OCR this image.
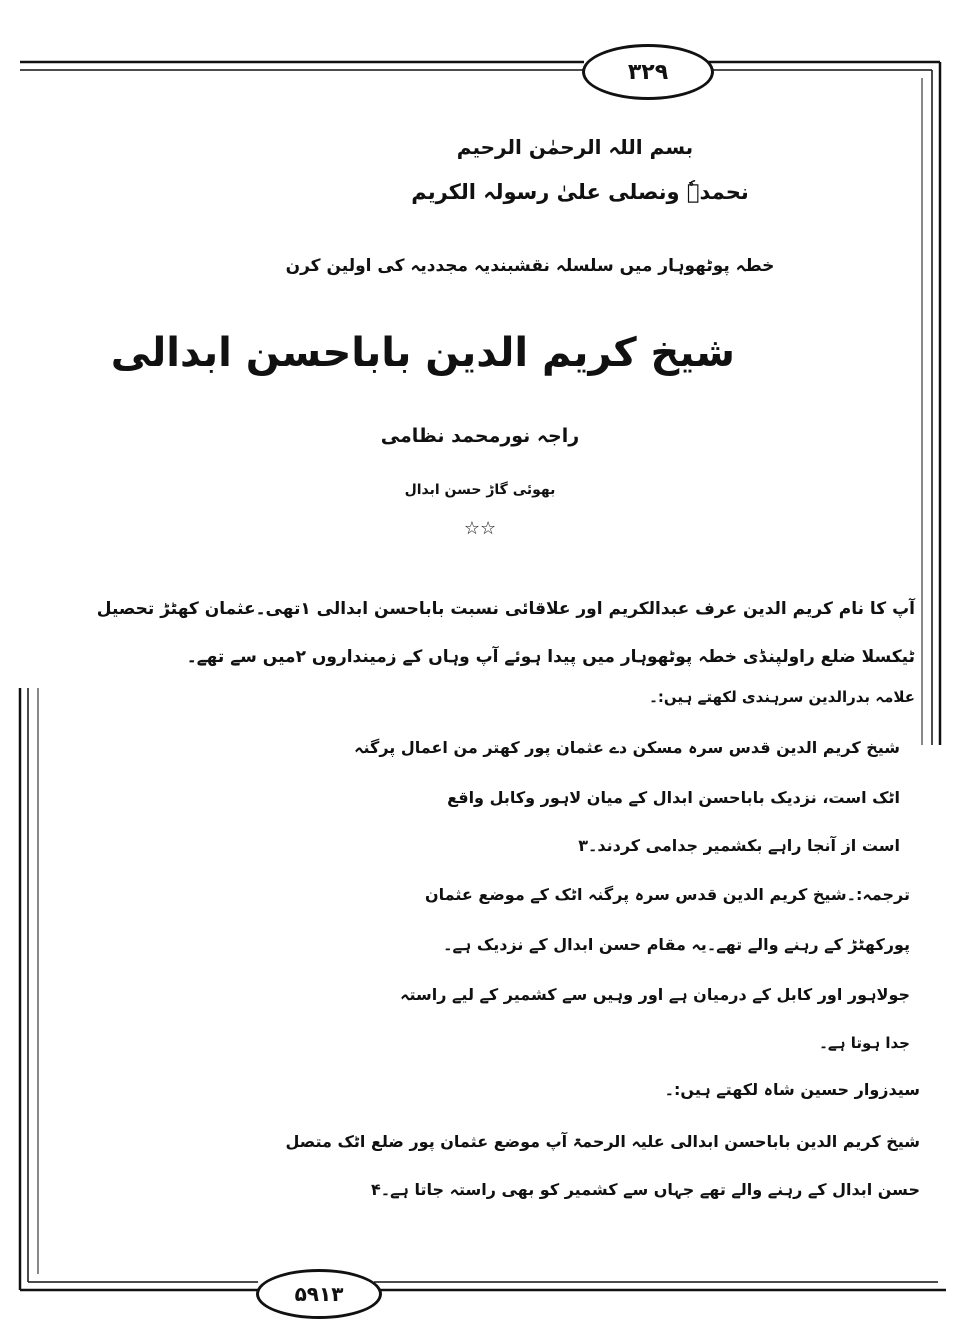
۳۲۹
۵۹۱۳
بسم اللہ الرحمٰن الرحیم
نحمدہٗ ونصلی علیٰ رسولہ الکریم
خطہ پوٹھوہار میں سلسلہ نقشبندیہ مجددیہ کی اولین کرن
شیخ کریم الدین باباحسن ابدالی
راجہ نورمحمد نظامی
بھوئی گاڑ حسن ابدال
☆☆
آپ کا نام کریم الدین عرف عبدالکریم اور علاقائی نسبت باباحسن ابدالی ۱تھی۔عثمان کھٹڑ تحصیل
ٹیکسلا ضلع راولپنڈی خطہ پوٹھوہار میں پیدا ہوئے آپ وہاں کے زمینداروں ۲میں سے تھے۔
علامہ بدرالدین سرہندی لکھتے ہیں:۔
شیخ کریم الدین قدس سرہ مسکن دے عثمان پور کھتر من اعمال پرگنہ
اٹک است، نزدیک باباحسن ابدال کے میان لاہور وکابل واقع
است از آنجا راہے بکشمیر جدامی کردند۔۳
ترجمہ:۔شیخ کریم الدین قدس سرہ پرگنہ اٹک کے موضع عثمان
پورکھٹڑ کے رہنے والے تھے۔یہ مقام حسن ابدال کے نزدیک ہے۔
جولاہور اور کابل کے درمیان ہے اور وہیں سے کشمیر کے لیے راستہ
جدا ہوتا ہے۔
سیدزوار حسین شاہ لکھتے ہیں:۔
شیخ کریم الدین باباحسن ابدالی علیہ الرحمۃ آپ موضع عثمان پور ضلع اٹک متصل
حسن ابدال کے رہنے والے تھے جہاں سے کشمیر کو بھی راستہ جاتا ہے۔۴
